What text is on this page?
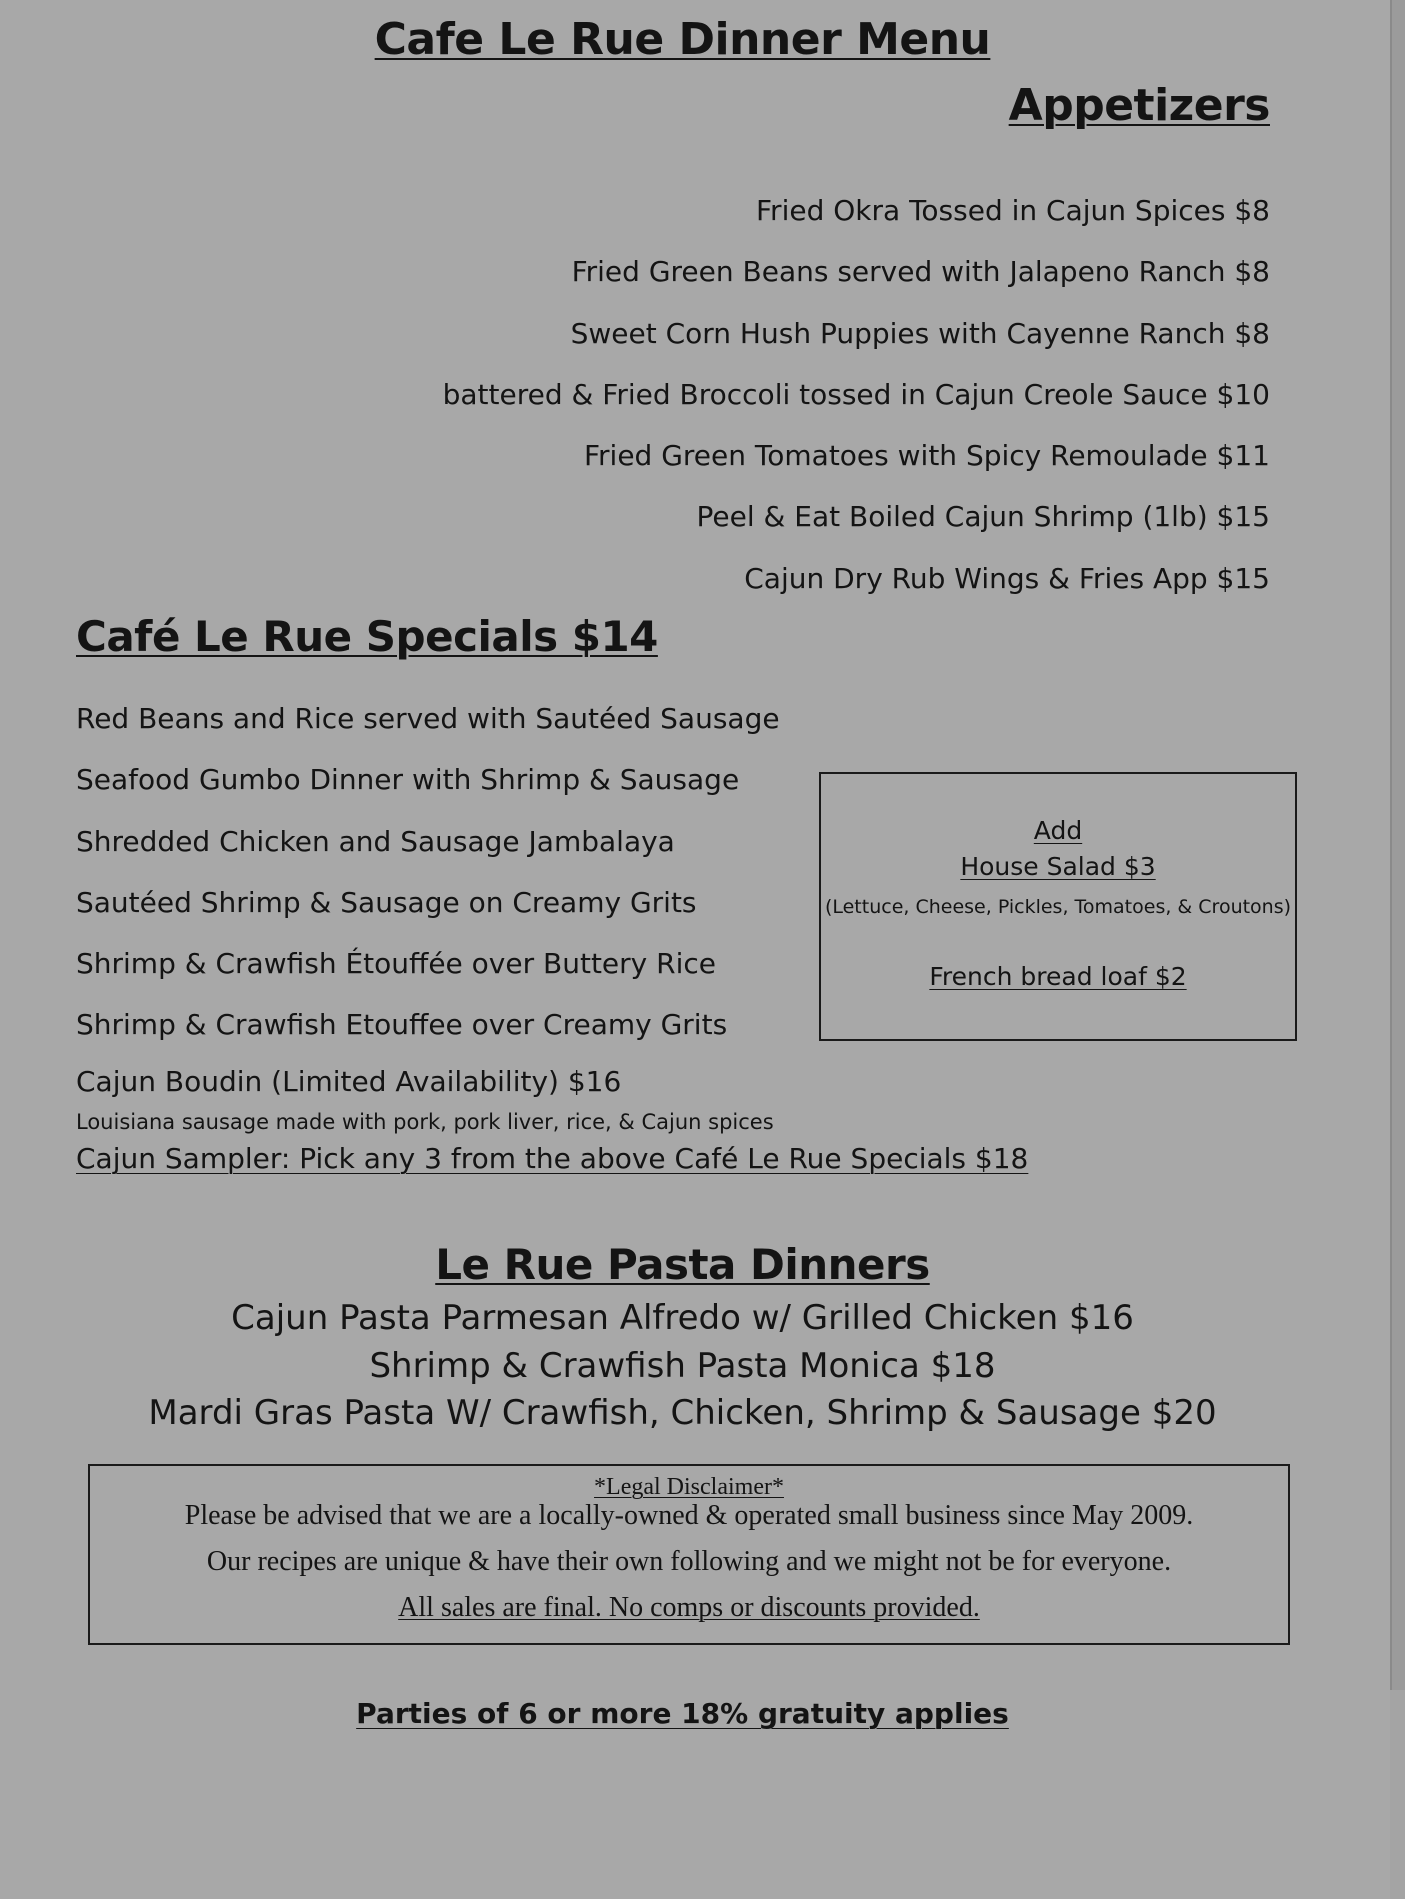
Cafe Le Rue Dinner Menu
Appetizers
Fried Okra Tossed in Cajun Spices $8
Fried Green Beans served with Jalapeno Ranch $8
Sweet Corn Hush Puppies with Cayenne Ranch $8
battered & Fried Broccoli tossed in Cajun Creole Sauce $10
Fried Green Tomatoes with Spicy Remoulade $11
Peel & Eat Boiled Cajun Shrimp (1lb) $15
Cajun Dry Rub Wings & Fries App $15
Café Le Rue Specials $14
Red Beans and Rice served with Sautéed Sausage
Seafood Gumbo Dinner with Shrimp & Sausage
Shredded Chicken and Sausage Jambalaya
Sautéed Shrimp & Sausage on Creamy Grits
Shrimp & Crawfish Étouffée over Buttery Rice
Shrimp & Crawfish Etouffee over Creamy Grits
Cajun Boudin (Limited Availability) $16
Louisiana sausage made with pork, pork liver, rice, & Cajun spices
Cajun Sampler: Pick any 3 from the above Café Le Rue Specials $18
Add
House Salad $3
(Lettuce, Cheese, Pickles, Tomatoes, & Croutons)
French bread loaf $2
Le Rue Pasta Dinners
Cajun Pasta Parmesan Alfredo w/ Grilled Chicken $16
Shrimp & Crawfish Pasta Monica $18
Mardi Gras Pasta W/ Crawfish, Chicken, Shrimp & Sausage $20
*Legal Disclaimer*
Please be advised that we are a locally-owned & operated small business since May 2009.
Our recipes are unique & have their own following and we might not be for everyone.
All sales are final. No comps or discounts provided.
Parties of 6 or more 18% gratuity applies
